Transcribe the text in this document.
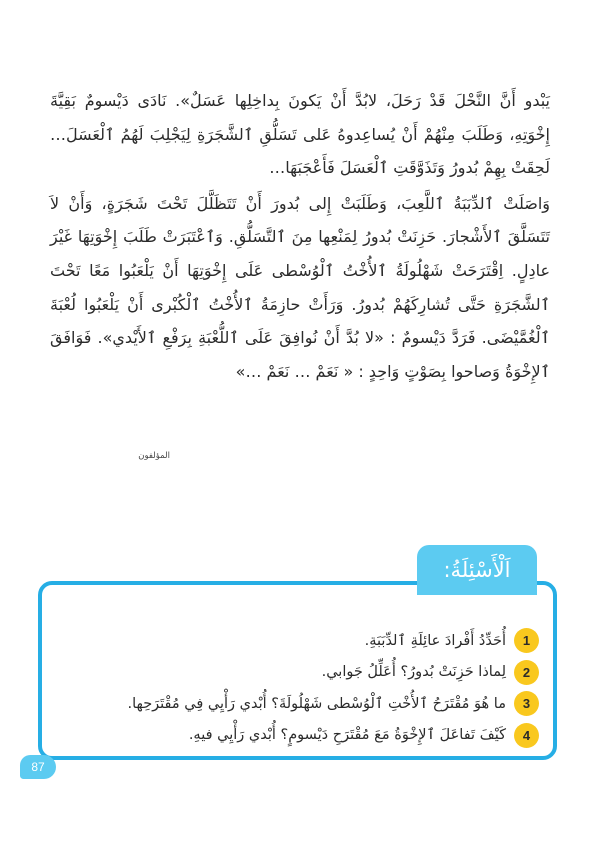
يَبْدو أَنَّ النَّحْلَ قَدْ رَحَلَ، لابُدَّ أَنْ يَكونَ بِداخِلِها عَسَلٌ». نَادَى دَيْسومٌ بَقِيَّةَ إِخْوَتِهِ، وَطَلَبَ مِنْهُمْ أَنْ يُساعِدوهُ عَلى تَسَلُّقِ ٱلشَّجَرَةِ لِيَجْلِبَ لَهُمُ ٱلْعَسَلَ… لَحِقَتْ بِهِمْ بُدورُ وَتَذَوَّقَتِ ٱلْعَسَلَ فَأَعْجَبَهَا…

وَاصَلَتْ ٱلدِّبَبَةُ ٱللَّعِبَ، وَطَلَبَتْ إِلى بُدورَ أَنْ تَتَظَلَّلَ تَحْتَ شَجَرَةٍ، وَأَنْ لاَ تَتَسَلَّقَ ٱلأَشْجارَ. حَزِنَتْ بُدورُ لِمَنْعِها مِنَ ٱلتَّسَلُّقِ. وَٱعْتَبَرَتْ طَلَبَ إِخْوَتِهَا غَيْرَ عادِلٍ. اِقْتَرَحَتْ شَهْلُولَةُ ٱلأُخْتُ ٱلْوُسْطى عَلَى إِخْوَتِهَا أَنْ يَلْعَبُوا مَعًا تَحْتَ ٱلشَّجَرَةِ حَتَّى تُشارِكَهُمْ بُدورُ. وَرَأَتْ حازِمَةُ ٱلأُخْتُ ٱلْكُبْرى أَنْ يَلْعَبُوا لُعْبَةَ ٱلْغُمَّيْضَى. فَرَدَّ دَيْسومٌ : «لا بُدَّ أَنْ نُوافِقَ عَلَى ٱللُّعْبَةِ بِرَفْعِ ٱلأَيْدي». فَوَافَقَ ٱلإِخْوَةُ وَصاحوا بِصَوْتٍ وَاحِدٍ : « نَعَمْ … نَعَمْ …»

المؤلفون
1
أُحَدِّدُ أَفْرادَ عائِلَةِ ٱلدِّبَبَةِ.
2
لِماذا حَزِنَتْ بُدورُ؟ أُعَلِّلُ جَوابي.
3
ما هُوَ مُقْتَرَحُ ٱلأُخْتِ ٱلْوُسْطى شَهْلُولَةَ؟ أُبْدي رَأْيِي فِي مُقْتَرَحِها.
4
كَيْفَ تَفاعَلَ ٱلإِخْوَةُ مَعَ مُقْتَرَحِ دَيْسومٍ؟ أُبْدي رَأْيِي فيهِ.
اَلْأَسْئِلَةُ:
87
